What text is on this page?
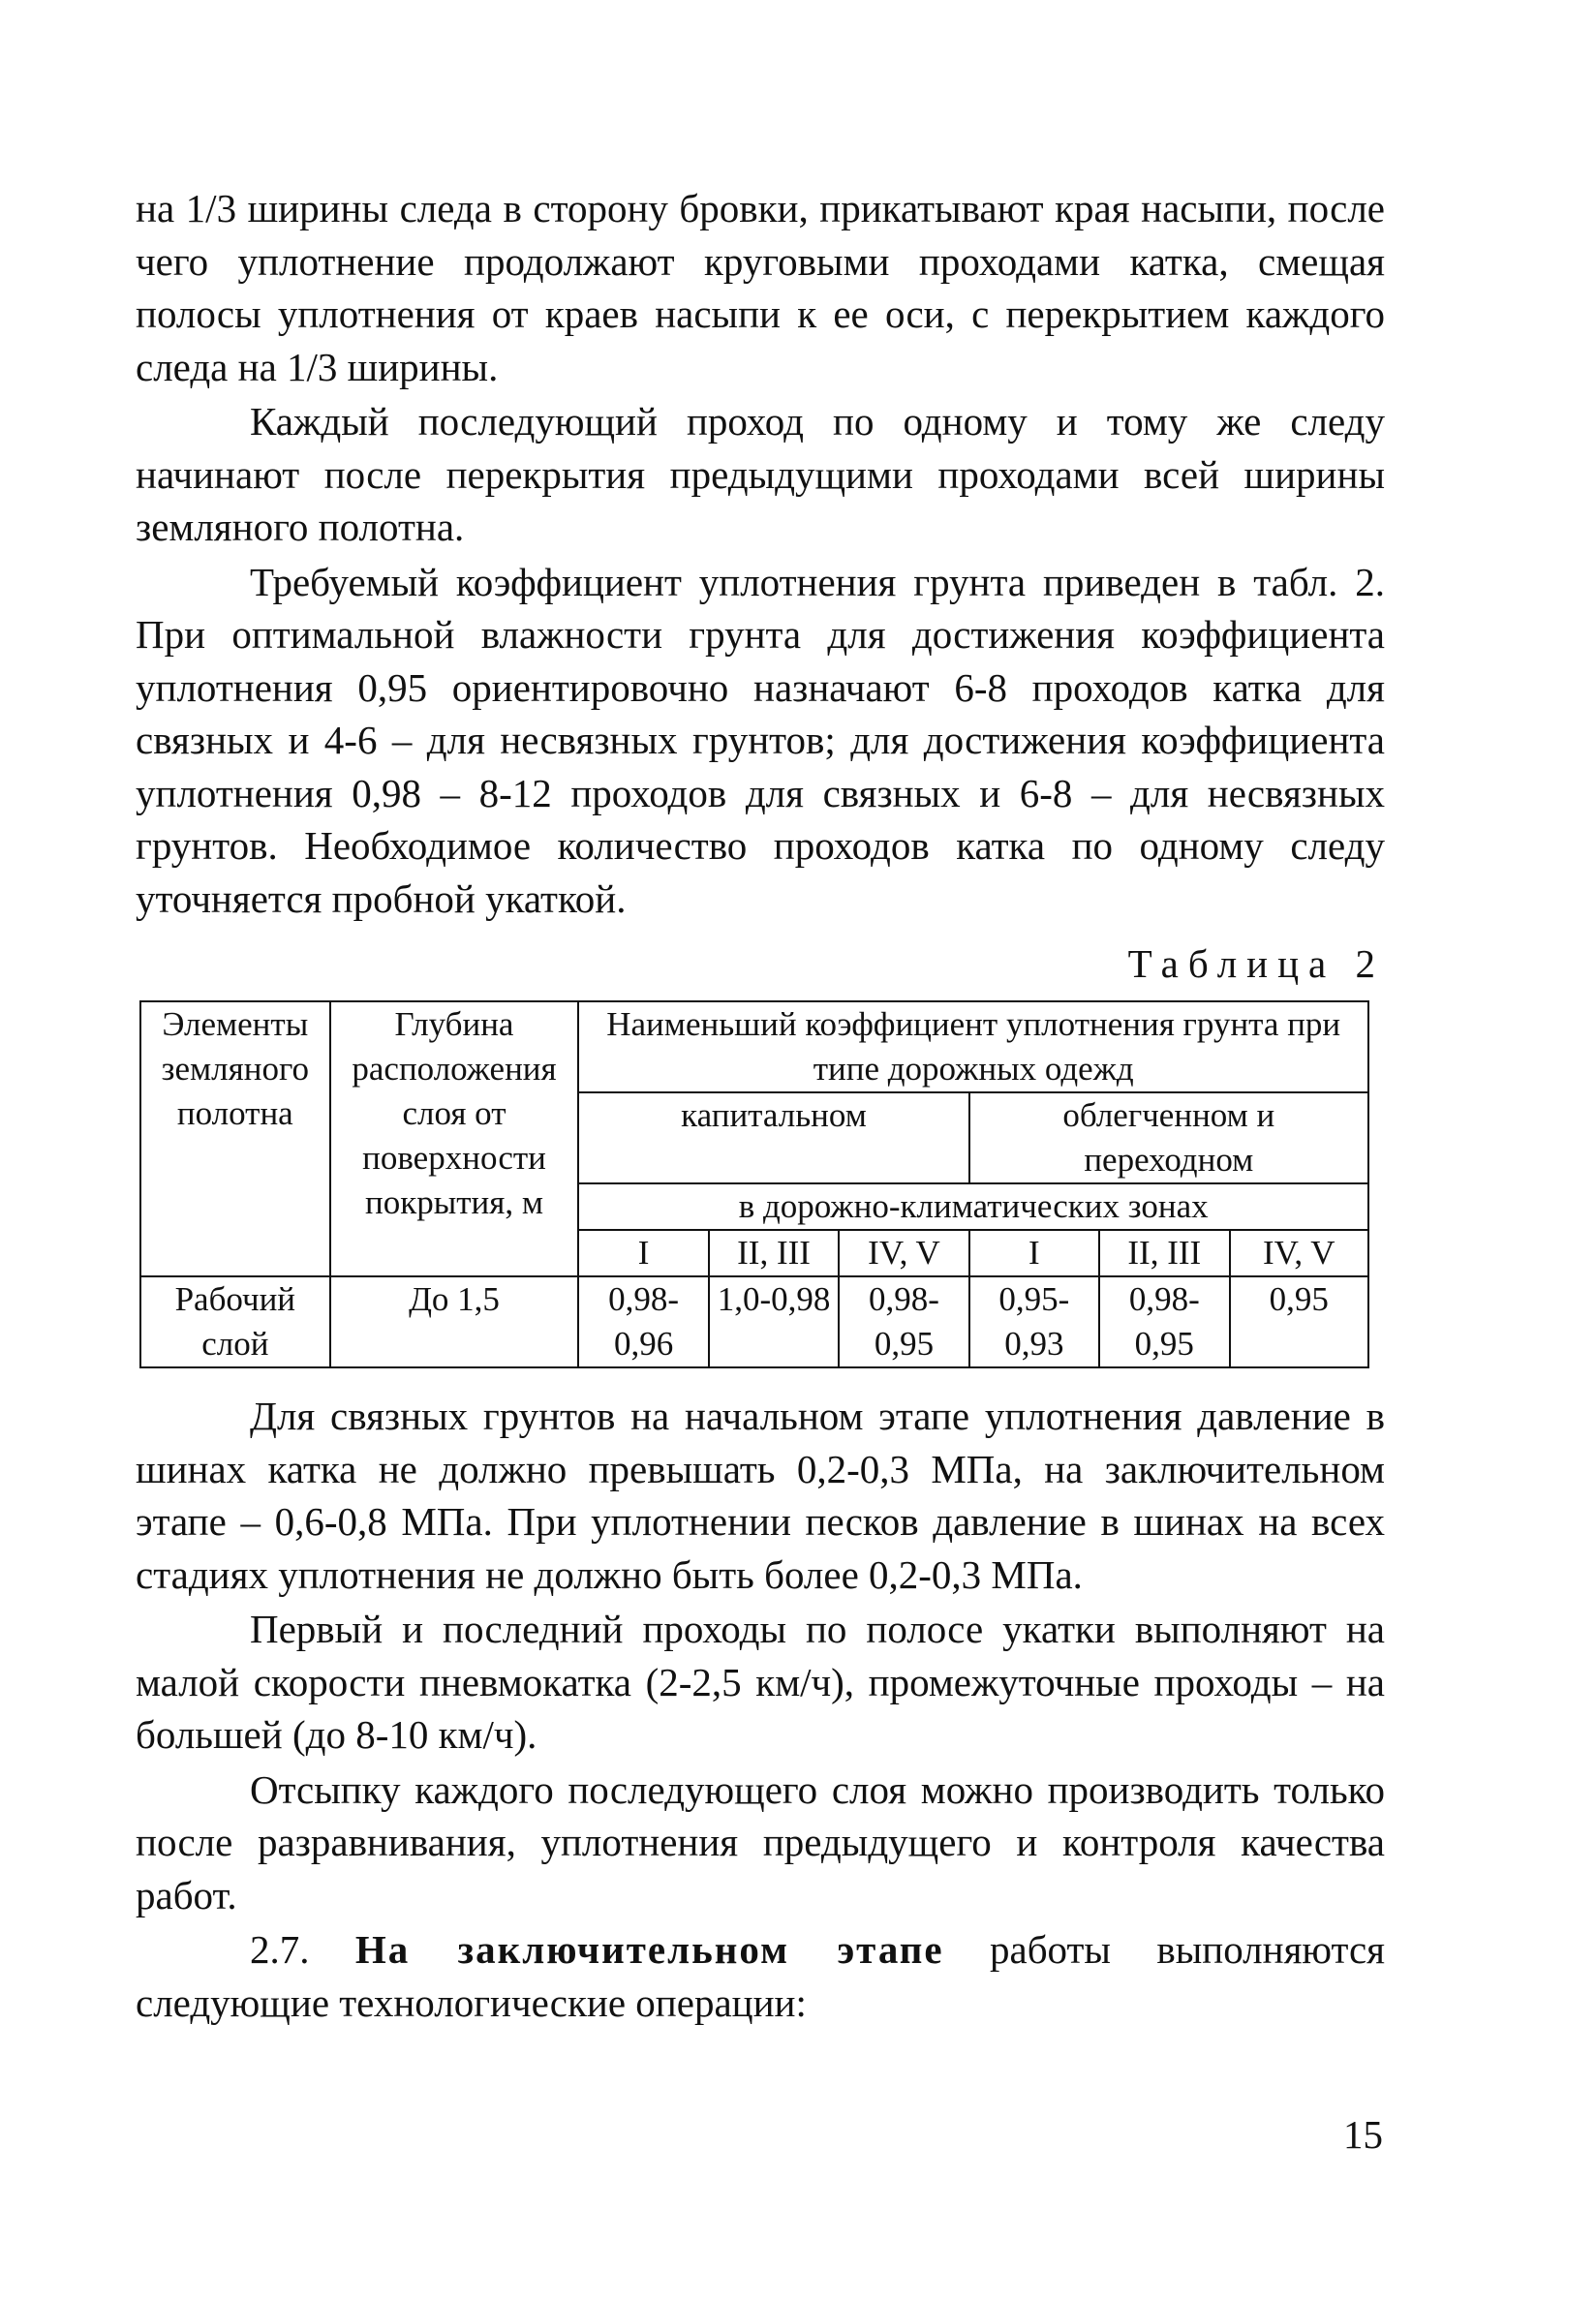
на 1/3 ширины следа в сторону бровки, прикатывают края насыпи, после чего уплотнение продолжают круговыми проходами катка, смещая полосы уплотнения от краев насыпи к ее оси, с перекрытием каждого следа на 1/3 ширины.

Каждый последующий проход по одному и тому же следу начинают после перекрытия предыдущими проходами всей ширины земляного полотна.

Требуемый коэффициент уплотнения грунта приведен в табл. 2. При оптимальной влажности грунта для достижения коэффициента уплотнения 0,95 ориентировочно назначают 6-8 проходов катка для связных и 4-6 – для несвязных грунтов; для достижения коэффициента уплотнения 0,98 – 8-12 проходов для связных и 6-8 – для несвязных грунтов. Необходимое количество проходов катка по одному следу уточняется пробной укаткой.

Таблица 2
Элементы земляного полотна	Глубина расположения слоя от поверхности покрытия, м	Наименьший коэффициент уплотнения грунта при типе дорожных одежд					
		капитальном			облегченном и переходном		
		в дорожно-климатических зонах					
		I	II, III	IV, V	I	II, III	IV, V
Рабочий слой	До 1,5	0,98-0,96	1,0-0,98	0,98-0,95	0,95-0,93	0,98-0,95	0,95

Для связных грунтов на начальном этапе уплотнения давление в шинах катка не должно превышать 0,2-0,3 МПа, на заключительном этапе – 0,6-0,8 МПа. При уплотнении песков давление в шинах на всех стадиях уплотнения не должно быть более 0,2-0,3 МПа.

Первый и последний проходы по полосе укатки выполняют на малой скорости пневмокатка (2-2,5 км/ч), промежуточные проходы – на большей (до 8-10 км/ч).

Отсыпку каждого последующего слоя можно производить только после разравнивания, уплотнения предыдущего и контроля качества работ.

2.7. На заключительном этапе работы выполняются следующие технологические операции:

15
